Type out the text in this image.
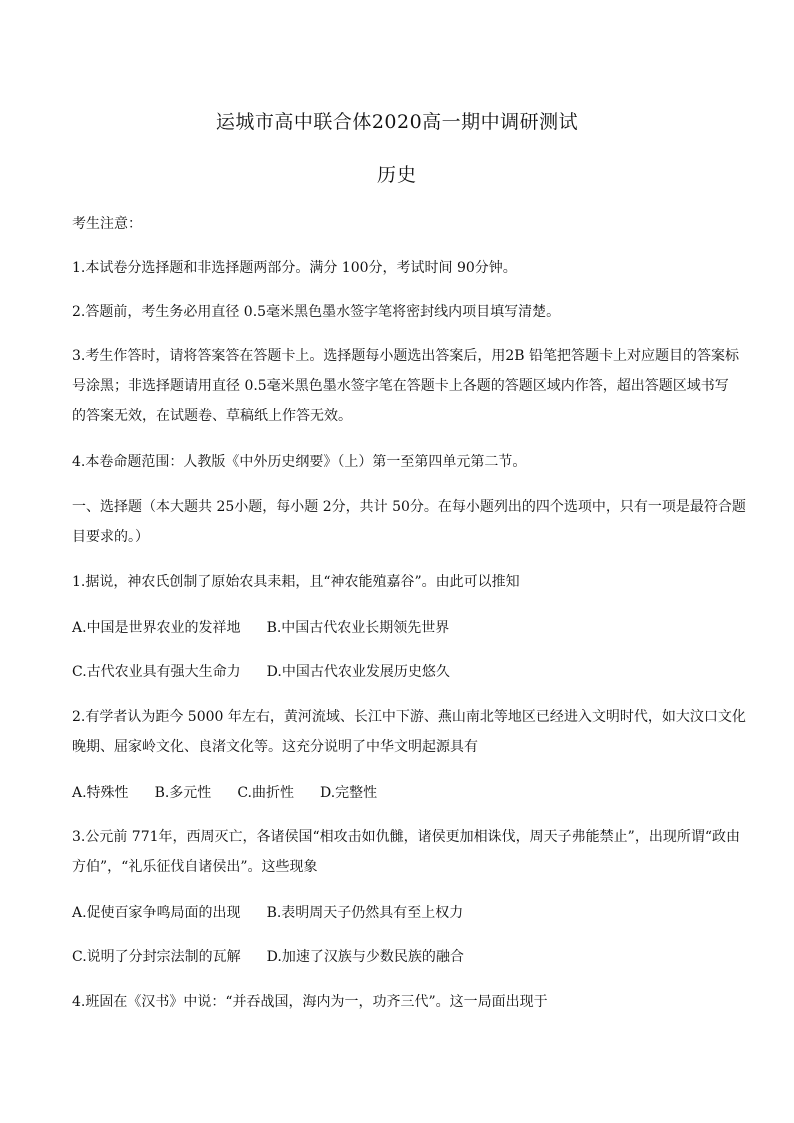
运城市高中联合体2020高一期中调研测试
历史
考生注意：
1.本试卷分选择题和非选择题两部分。满分 100分，考试时间 90分钟。
2.答题前，考生务必用直径 0.5毫米黑色墨水签字笔将密封线内项目填写清楚。
3.考生作答时，请将答案答在答题卡上。选择题每小题选出答案后，用2B 铅笔把答题卡上对应题目的答案标
号涂黑；非选择题请用直径 0.5毫米黑色墨水签字笔在答题卡上各题的答题区域内作答，超出答题区域书写
的答案无效，在试题卷、草稿纸上作答无效。
4.本卷命题范围：人教版《中外历史纲要》（上）第一至第四单元第二节。
一、选择题（本大题共 25小题，每小题 2分，共计 50分。在每小题列出的四个选项中，只有一项是最符合题
目要求的。）
1.据说，神农氏创制了原始农具耒耜，且“神农能殖嘉谷”。由此可以推知
A.中国是世界农业的发祥地 B.中国古代农业长期领先世界
C.古代农业具有强大生命力 D.中国古代农业发展历史悠久
2.有学者认为距今 5000 年左右，黄河流域、长江中下游、燕山南北等地区已经进入文明时代，如大汶口文化
晚期、屈家岭文化、良渚文化等。这充分说明了中华文明起源具有
A.特殊性 B.多元性 C.曲折性 D.完整性
3.公元前 771年，西周灭亡，各诸侯国“相攻击如仇雠，诸侯更加相诛伐，周天子弗能禁止”，出现所谓“政由
方伯”，“礼乐征伐自诸侯出”。这些现象
A.促使百家争鸣局面的出现 B.表明周天子仍然具有至上权力
C.说明了分封宗法制的瓦解 D.加速了汉族与少数民族的融合
4.班固在《汉书》中说：“并吞战国，海内为一，功齐三代”。这一局面出现于
